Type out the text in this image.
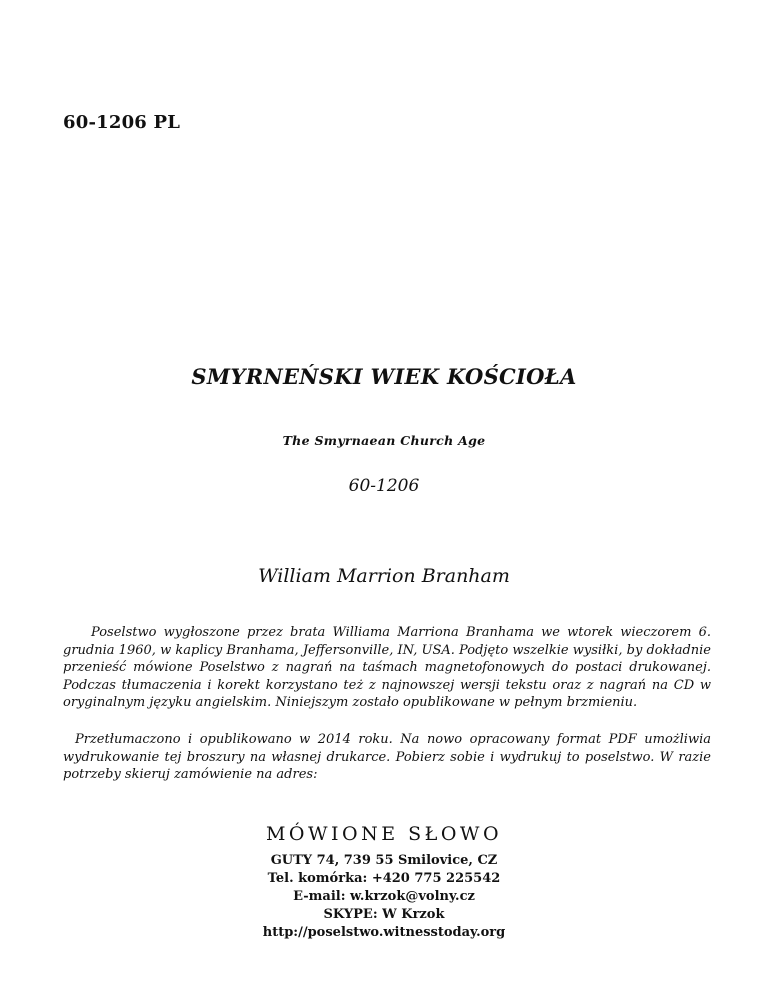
60-1206 PL
SMYRNEŃSKI WIEK KOŚCIOŁA
The Smyrnaean Church Age
60-1206
William Marrion Branham

Poselstwo wygłoszone przez brata Williama Marriona Branhama we wtorek wieczorem 6. grudnia 1960, w kaplicy Branhama, Jeffersonville, IN, USA. Podjęto wszelkie wysiłki, by dokładnie przenieść mówione Poselstwo z nagrań na taśmach magnetofonowych do postaci drukowanej. Podczas tłumaczenia i korekt korzystano też z najnowszej wersji tekstu oraz z nagrań na CD w oryginalnym języku angielskim. Niniejszym zostało opublikowane w pełnym brzmieniu.

Przetłumaczono i opublikowano w 2014 roku. Na nowo opracowany format PDF umożliwia wydrukowanie tej broszury na własnej drukarce. Pobierz sobie i wydrukuj to poselstwo. W razie potrzeby skieruj zamówienie na adres:

MÓWIONE SŁOWO
GUTY 74, 739 55 Smilovice, CZ
Tel. komórka: +420 775 225542
E-mail: w.krzok@volny.cz
SKYPE: W Krzok
http://poselstwo.witnesstoday.org
